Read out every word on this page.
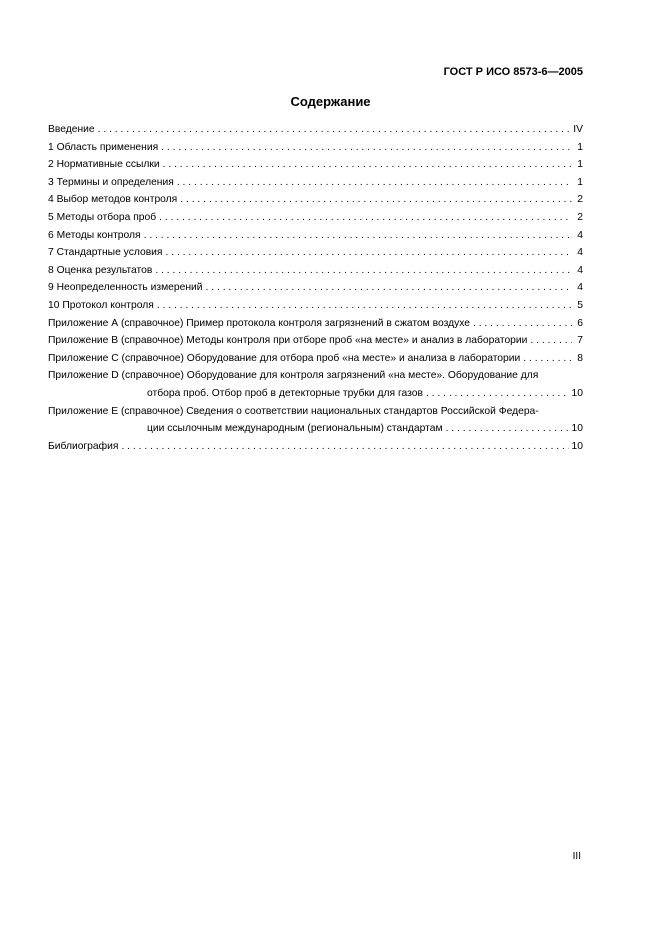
ГОСТ Р ИСО 8573-6—2005
Содержание
Введение . . .	IV
1 Область применения . . .	1
2 Нормативные ссылки . . .	1
3 Термины и определения . . .	1
4 Выбор методов контроля . . .	2
5 Методы отбора проб . . .	2
6 Методы контроля . . .	4
7 Стандартные условия . . .	4
8 Оценка результатов . . .	4
9 Неопределенность измерений . . .	4
10 Протокол контроля . . .	5
Приложение А (справочное) Пример протокола контроля загрязнений в сжатом воздухе . . .	6
Приложение В (справочное) Методы контроля при отборе проб «на месте» и анализ в лаборатории . . .	7
Приложение С (справочное) Оборудование для отбора проб «на месте» и анализа в лаборатории . . .	8
Приложение D (справочное) Оборудование для контроля загрязнений «на месте». Оборудование для
отбора проб. Отбор проб в детекторные трубки для газов . . .	10
Приложение Е (справочное) Сведения о соответствии национальных стандартов Российской Федера-
ции ссылочным международным (региональным) стандартам . . .	10
Библиография . . .	10
III
